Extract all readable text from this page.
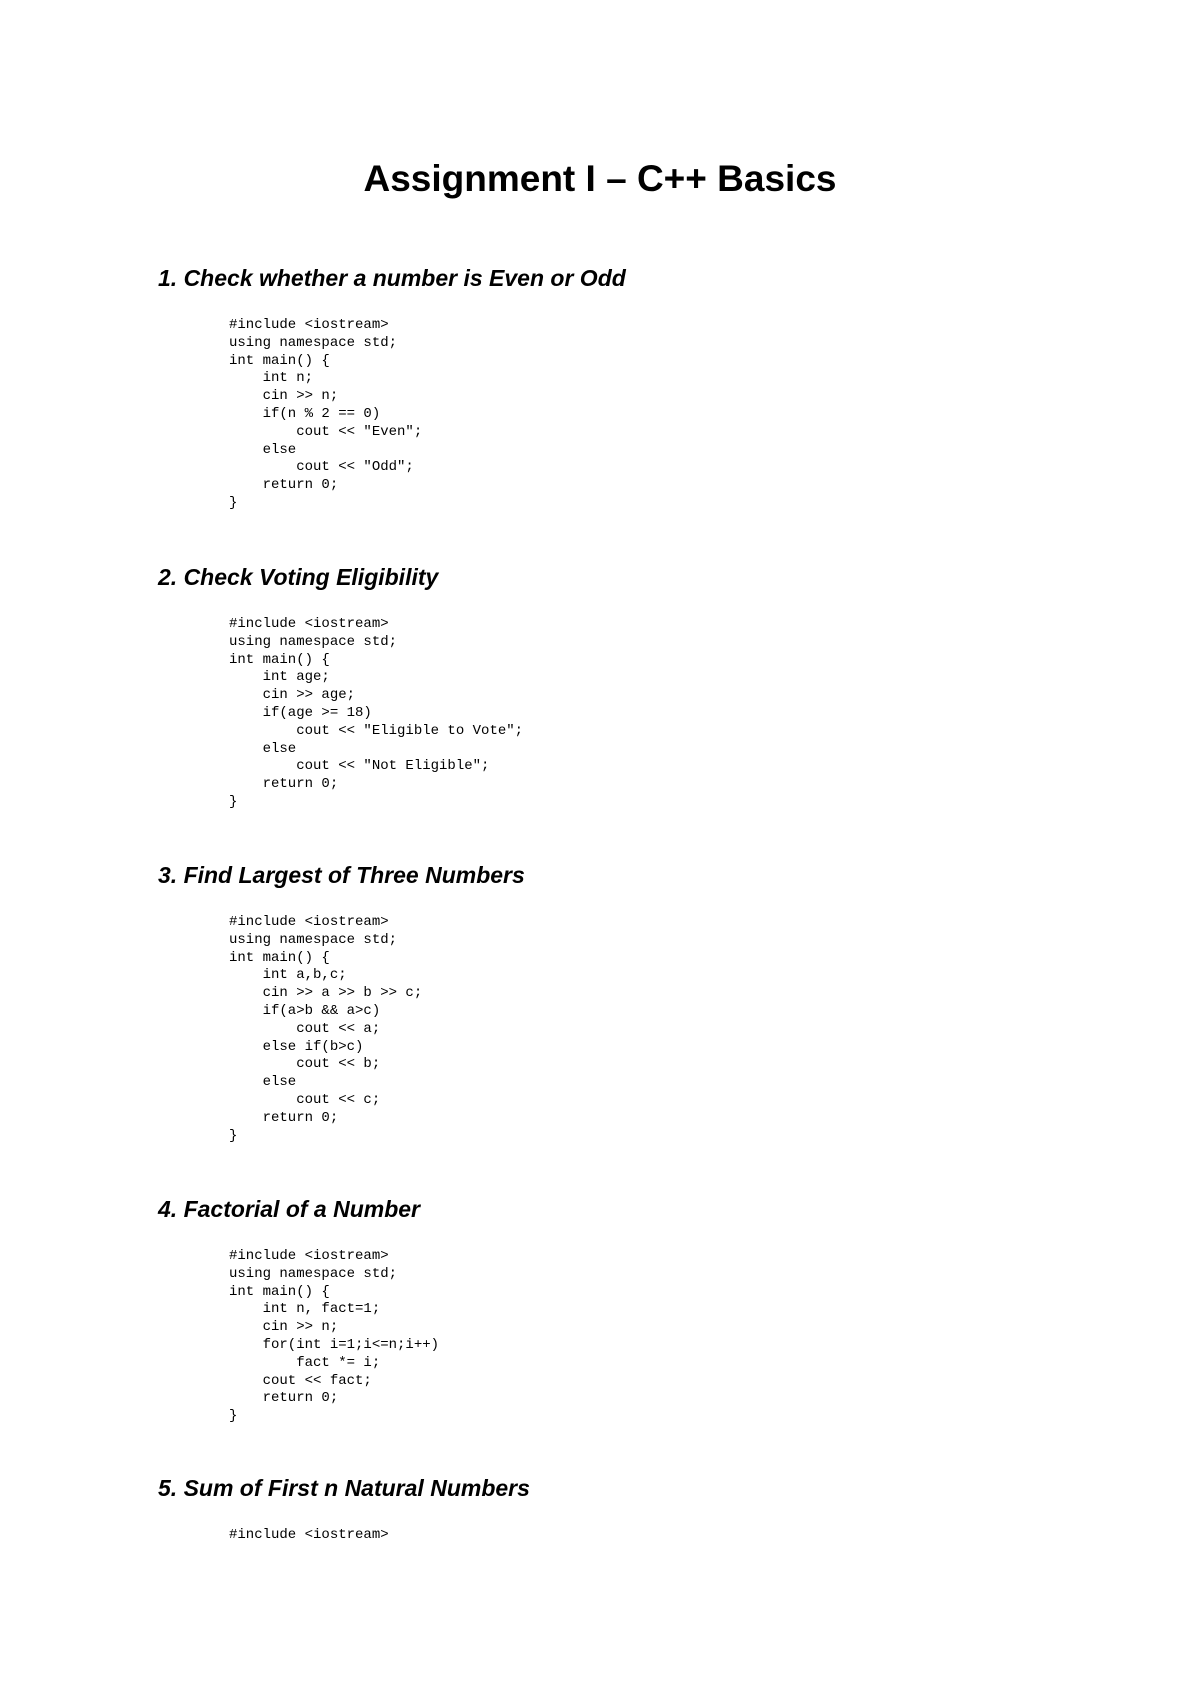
Assignment I – C++ Basics
1. Check whether a number is Even or Odd
#include <iostream>
using namespace std;
int main() {
int n;
cin >> n;
if(n % 2 == 0)
cout << "Even";
else
cout << "Odd";
return 0;
}
2. Check Voting Eligibility
#include <iostream>
using namespace std;
int main() {
int age;
cin >> age;
if(age >= 18)
cout << "Eligible to Vote";
else
cout << "Not Eligible";
return 0;
}
3. Find Largest of Three Numbers
#include <iostream>
using namespace std;
int main() {
int a,b,c;
cin >> a >> b >> c;
if(a>b && a>c)
cout << a;
else if(b>c)
cout << b;
else
cout << c;
return 0;
}
4. Factorial of a Number
#include <iostream>
using namespace std;
int main() {
int n, fact=1;
cin >> n;
for(int i=1;i<=n;i++)
fact *= i;
cout << fact;
return 0;
}
5. Sum of First n Natural Numbers
#include <iostream>
